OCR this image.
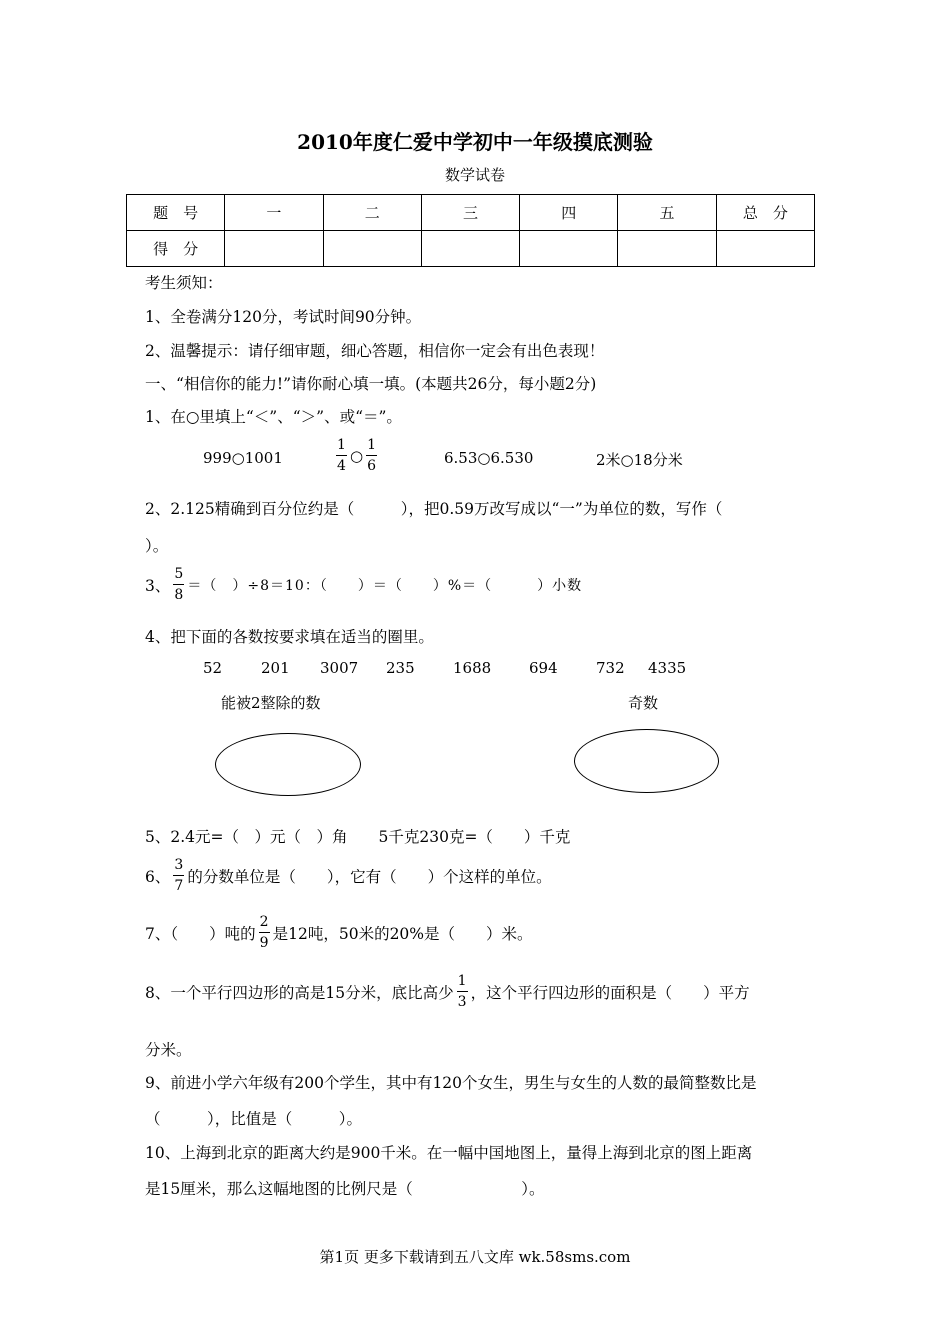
2010年度仁爱中学初中一年级摸底测验
数学试卷
题　号	一	二	三	四	五	总　分
得　分						
考生须知：
1、全卷满分120分，考试时间90分钟。
2、温馨提示：请仔细审题，细心答题，相信你一定会有出色表现！
一、“相信你的能力!”请你耐心填一填。(本题共26分，每小题2分)
1、在○里填上“＜”、“＞”、或“＝”。
999○1001	$\frac{1}{4}$ ○ $\frac{1}{6}$	6.53○6.530	2米○18分米
2、2.125精确到百分位约是（　　　），把0.59万改写成以“一”为单位的数，写作（
）。
3、 $\frac{5}{8}$ ＝（　）÷8＝10：（　　）＝（　　）%＝（　　　）小数
4、把下面的各数按要求填在适当的圈里。
52	201 3007 235	1688	694	732 4335
能被2整除的数	奇数
5、2.4元=（　）元（　）角　　5千克230克=（　　）千克
6、 $\frac{3}{7}$ 的分数单位是（　　），它有（　　）个这样的单位。
7、（　　）吨的 $\frac{2}{9}$ 是12吨，50米的20%是（　　）米。
8、一个平行四边形的高是15分米，底比高少 $\frac{1}{3}$ ，这个平行四边形的面积是（　　）平方
分米。
9、前进小学六年级有200个学生，其中有120个女生，男生与女生的人数的最简整数比是
（　　　），比值是（　　　）。
10、上海到北京的距离大约是900千米。在一幅中国地图上，量得上海到北京的图上距离
是15厘米，那么这幅地图的比例尺是（　　　　　　　）。
第1页 更多下载请到五八文库 wk.58sms.com
